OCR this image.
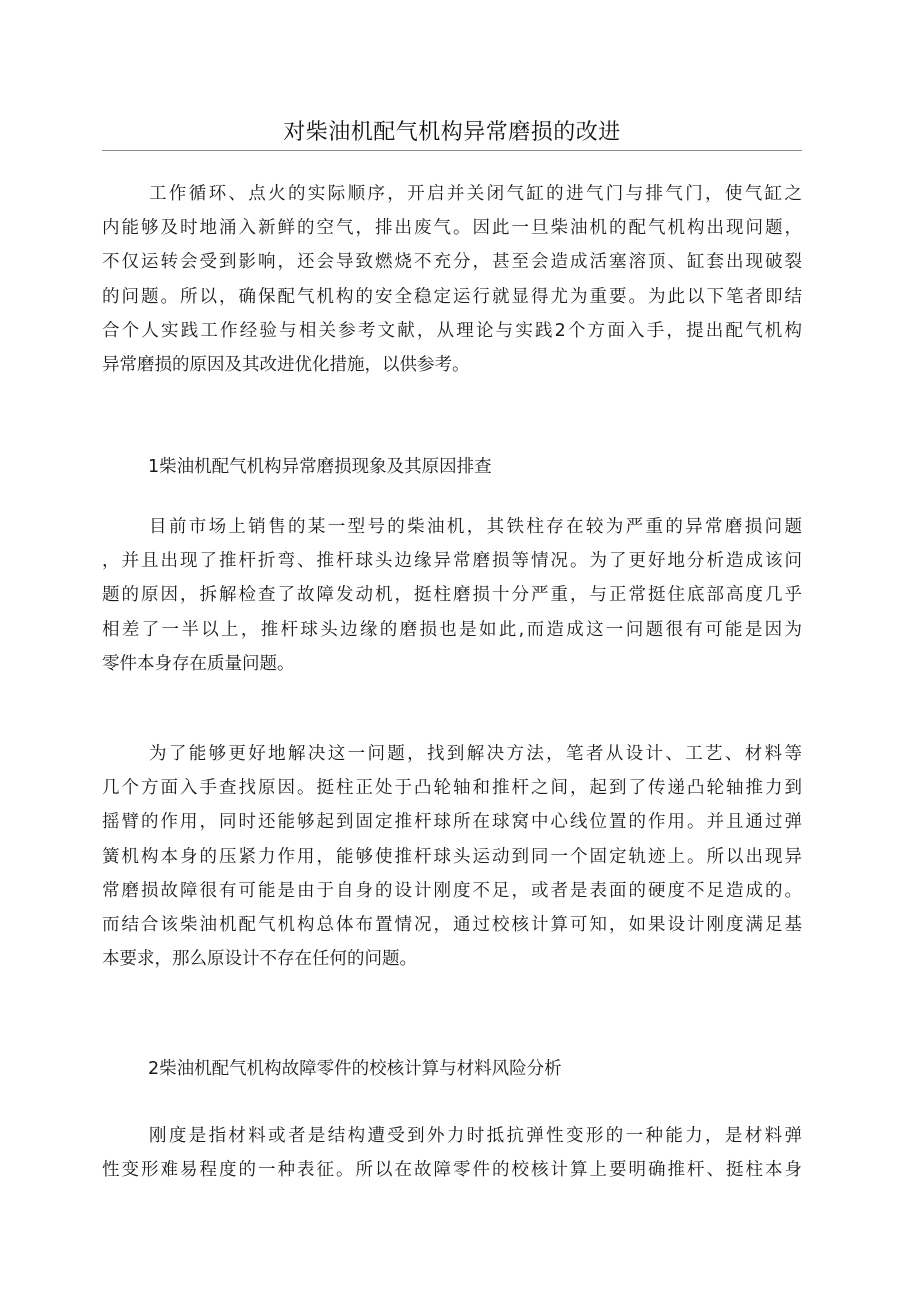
对柴油机配气机构异常磨损的改进
工作循环、点火的实际顺序，开启并关闭气缸的进气门与排气门，使气缸之
内能够及时地涌入新鲜的空气，排出废气。因此一旦柴油机的配气机构出现问题，
不仅运转会受到影响，还会导致燃烧不充分，甚至会造成活塞溶顶、缸套出现破裂
的问题。所以，确保配气机构的安全稳定运行就显得尤为重要。为此以下笔者即结
合个人实践工作经验与相关参考文献，从理论与实践2个方面入手，提出配气机构
异常磨损的原因及其改进优化措施，以供参考。
1柴油机配气机构异常磨损现象及其原因排查
目前市场上销售的某一型号的柴油机，其铁柱存在较为严重的异常磨损问题
，并且出现了推杆折弯、推杆球头边缘异常磨损等情况。为了更好地分析造成该问
题的原因，拆解检查了故障发动机，挺柱磨损十分严重，与正常挺住底部高度几乎
相差了一半以上，推杆球头边缘的磨损也是如此,而造成这一问题很有可能是因为
零件本身存在质量问题。
为了能够更好地解决这一问题，找到解决方法，笔者从设计、工艺、材料等
几个方面入手查找原因。挺柱正处于凸轮轴和推杆之间，起到了传递凸轮轴推力到
摇臂的作用，同时还能够起到固定推杆球所在球窝中心线位置的作用。并且通过弹
簧机构本身的压紧力作用，能够使推杆球头运动到同一个固定轨迹上。所以出现异
常磨损故障很有可能是由于自身的设计刚度不足，或者是表面的硬度不足造成的。
而结合该柴油机配气机构总体布置情况，通过校核计算可知，如果设计刚度满足基
本要求，那么原设计不存在任何的问题。
2柴油机配气机构故障零件的校核计算与材料风险分析
刚度是指材料或者是结构遭受到外力时抵抗弹性变形的一种能力，是材料弹
性变形难易程度的一种表征。所以在故障零件的校核计算上要明确推杆、挺柱本身
